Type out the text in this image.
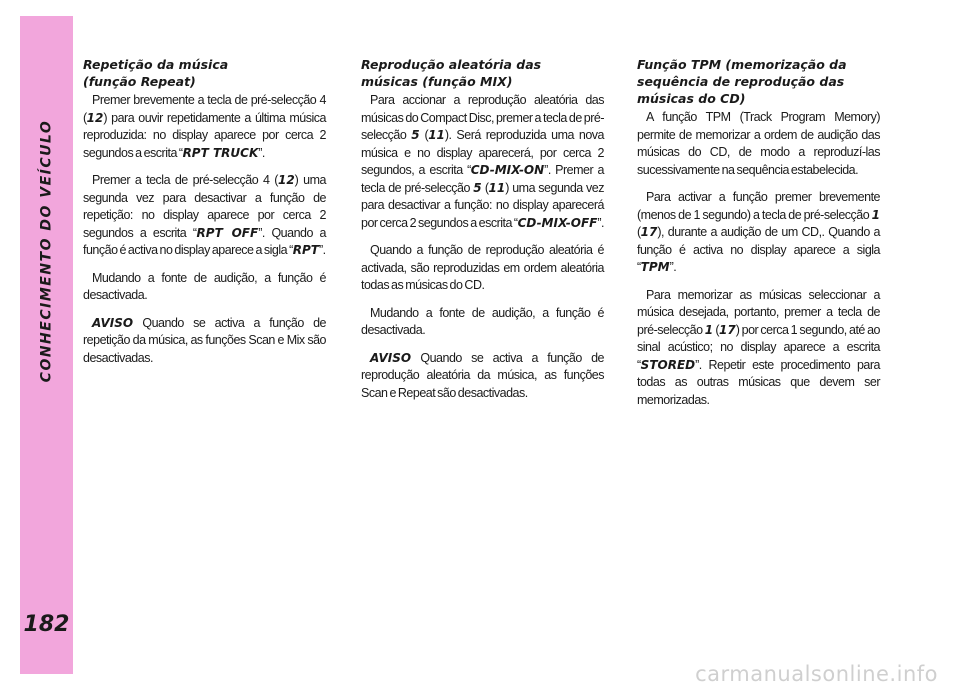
CONHECIMENTO DO VEÍCULO
182
Repetição da música
(função Repeat)

Premer brevemente a tecla de pré-selecção 4 (12) para ouvir repetidamente a última música reproduzida: no display aparece por cerca 2 segundos a escrita “RPT TRUCK”.

Premer a tecla de pré-selecção 4 (12) uma segunda vez para desactivar a função de repetição: no display aparece por cerca 2 segundos a escrita “RPT OFF”. Quando a função é activa no display aparece a sigla “RPT”.

Mudando a fonte de audição, a função é desactivada.

AVISO Quando se activa a função de repetição da música, as funções Scan e Mix são desactivadas.

Reprodução aleatória das
músicas (função MIX)

Para accionar a reprodução aleatória das músicas do Compact Disc, premer a tecla de pré-selecção 5 (11). Será reproduzida uma nova música e no display aparecerá, por cerca 2 segundos, a escrita “CD-MIX-ON”. Premer a tecla de pré-selecção 5 (11) uma segunda vez para desactivar a função: no display aparecerá por cerca 2 segundos a escrita “CD-MIX-OFF”.

Quando a função de reprodução aleatória é activada, são reproduzidas em ordem aleatória todas as músicas do CD.

Mudando a fonte de audição, a função é desactivada.

AVISO Quando se activa a função de reprodução aleatória da música, as funções Scan e Repeat são desactivadas.

Função TPM (memorização da
sequência de reprodução das
músicas do CD)

A função TPM (Track Program Memory) permite de memorizar a ordem de audição das músicas do CD, de modo a reproduzí-las sucessivamente na sequência estabelecida.

Para activar a função premer brevemente (menos de 1 segundo) a tecla de pré-selecção 1 (17), durante a audição de um CD,. Quando a função é activa no display aparece a sigla “TPM”.

Para memorizar as músicas seleccionar a música desejada, portanto, premer a tecla de pré-selecção 1 (17) por cerca 1 segundo, até ao sinal acústico; no display aparece a escrita “STORED”. Repetir este procedimento para todas as outras músicas que devem ser memorizadas.

carmanualsonline.info
